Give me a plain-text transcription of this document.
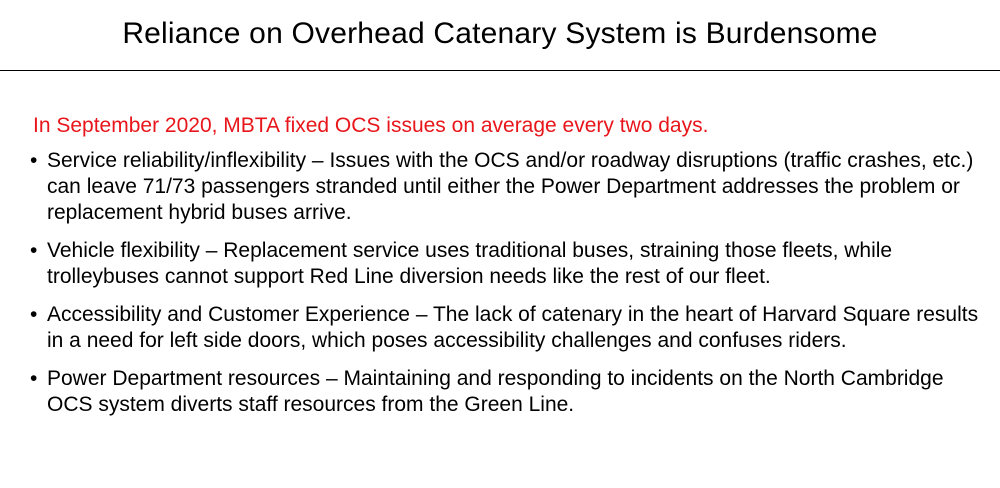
Reliance on Overhead Catenary System is Burdensome
In September 2020, MBTA fixed OCS issues on average every two days.
• Service reliability/inflexibility – Issues with the OCS and/or roadway disruptions (traffic crashes, etc.) can leave 71/73 passengers stranded until either the Power Department addresses the problem or replacement hybrid buses arrive.
• Vehicle flexibility – Replacement service uses traditional buses, straining those fleets, while trolleybuses cannot support Red Line diversion needs like the rest of our fleet.
• Accessibility and Customer Experience – The lack of catenary in the heart of Harvard Square results in a need for left side doors, which poses accessibility challenges and confuses riders.
• Power Department resources – Maintaining and responding to incidents on the North Cambridge OCS system diverts staff resources from the Green Line.
